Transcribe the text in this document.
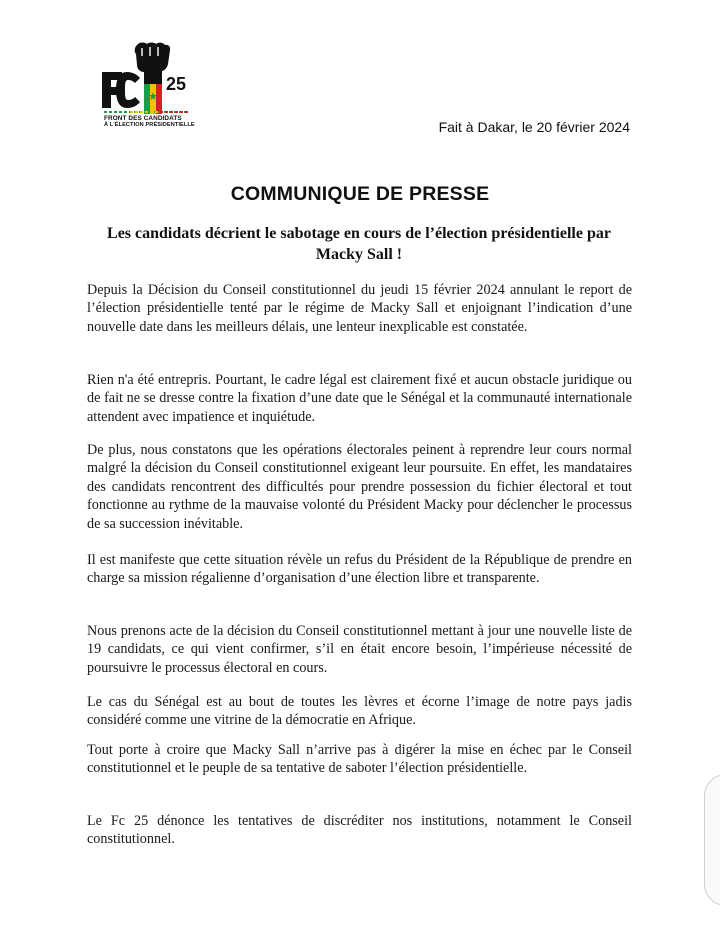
25
FRONT DES CANDIDATS
À L'ÉLECTION PRÉSIDENTIELLE	Fait à Dakar, le 20 février 2024
COMMUNIQUE DE PRESSE
Les candidats décrient le sabotage en cours de l’élection présidentielle par Macky Sall !

Depuis la Décision du Conseil constitutionnel du jeudi 15 février 2024 annulant le report de l’élection présidentielle tenté par le régime de Macky Sall et enjoignant l’indication d’une nouvelle date dans les meilleurs délais, une lenteur inexplicable est constatée.

Rien n'a été entrepris. Pourtant, le cadre légal est clairement fixé et aucun obstacle juridique ou de fait ne se dresse contre la fixation d’une date que le Sénégal et la communauté internationale attendent avec impatience et inquiétude.

De plus, nous constatons que les opérations électorales peinent à reprendre leur cours normal malgré la décision du Conseil constitutionnel exigeant leur poursuite. En effet, les mandataires des candidats rencontrent des difficultés pour prendre possession du fichier électoral et tout fonctionne au rythme de la mauvaise volonté du Président Macky pour déclencher le processus de sa succession inévitable.

Il est manifeste que cette situation révèle un refus du Président de la République de prendre en charge sa mission régalienne d’organisation d’une élection libre et transparente.

Nous prenons acte de la décision du Conseil constitutionnel mettant à jour une nouvelle liste de 19 candidats, ce qui vient confirmer, s’il en était encore besoin, l’impérieuse nécessité de poursuivre le processus électoral en cours.

Le cas du Sénégal est au bout de toutes les lèvres et écorne l’image de notre pays jadis considéré comme une vitrine de la démocratie en Afrique.

Tout porte à croire que Macky Sall n’arrive pas à digérer la mise en échec par le Conseil constitutionnel et le peuple de sa tentative de saboter l’élection présidentielle.

Le Fc 25 dénonce les tentatives de discréditer nos institutions, notamment le Conseil constitutionnel.
